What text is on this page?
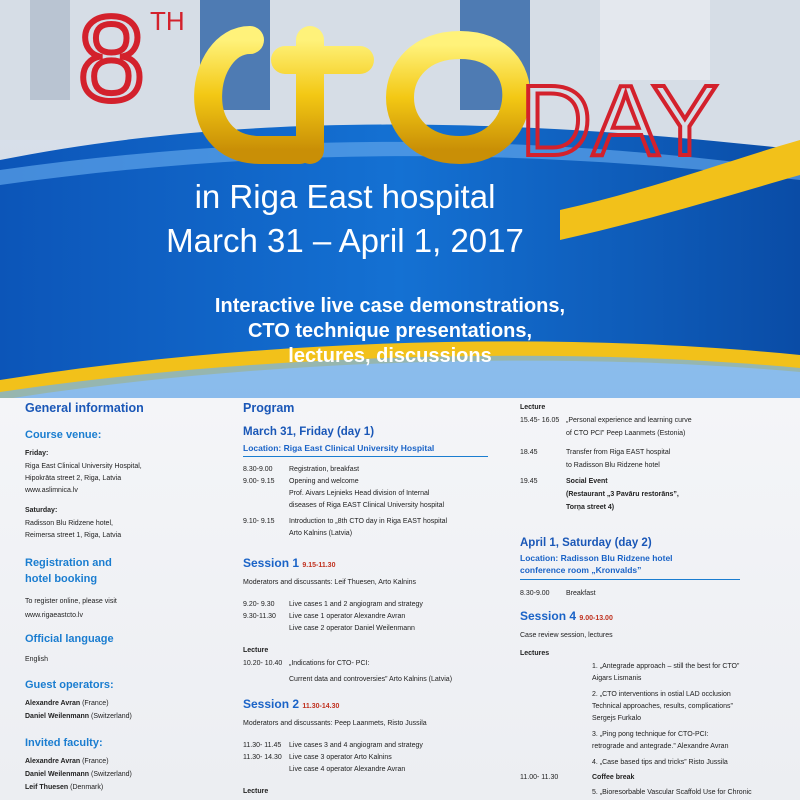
8 TH
DAY
in Riga East hospital
March 31 – April 1, 2017
Interactive live case demonstrations,
CTO technique presentations,
lectures, discussions
General information
Course venue:
Friday:
Riga East Clinical University Hospital,
Hipokrāta street 2, Riga, Latvia
www.aslimnica.lv
Saturday:
Radisson Blu Ridzene hotel,
Reimersa street 1, Riga, Latvia
Registration and
hotel booking
To register online, please visit
www.rigaeastcto.lv
Official language
English
Guest operators:
Alexandre Avran (France)
Daniel Weilenmann (Switzerland)
Invited faculty:
Alexandre Avran (France)
Daniel Weilenmann (Switzerland)
Leif Thuesen (Denmark)
Program
March 31, Friday (day 1)
Location: Riga East Clinical University Hospital
8.30-9.00	Registration, breakfast
9.00- 9.15	Opening and welcome
Prof. Aivars Lejnieks Head division of Internal
diseases of Riga EAST Clinical University hospital
9.10- 9.15	Introduction to „8th CTO day in Riga EAST hospital
Arto Kalnins (Latvia)
Session 1 9.15-11.30
Moderators and discussants: Leif Thuesen, Arto Kalnins
9.20- 9.30	Live cases 1 and 2 angiogram and strategy
9.30-11.30	Live case 1 operator Alexandre Avran
Live case 2 operator Daniel Weilenmann
Lecture
10.20- 10.40 „Indications for CTO- PCI:
Current data and controversies” Arto Kalnins (Latvia)
Session 2 11.30-14.30
Moderators and discussants: Peep Laanmets, Risto Jussila
11.30- 11.45	Live cases 3 and 4 angiogram and strategy
11.30- 14.30	Live case 3 operator Arto Kalnins
Live case 4 operator Alexandre Avran
Lecture
Lecture
15.45- 16.05 „Personal experience and learning curve
of CTO PCI” Peep Laanmets (Estonia)
18.45	Transfer from Riga EAST hospital
to Radisson Blu Ridzene hotel
19.45	Social Event
(Restaurant „3 Pavāru restorāns”,
Torņa street 4)
April 1, Saturday (day 2)
Location: Radisson Blu Ridzene hotel
conference room „Kronvalds”
8.30-9.00	Breakfast
Session 4 9.00-13.00
Case review session, lectures
Lectures
1. „Antegrade approach – still the best for CTO”
Aigars Lismanis
2. „CTO interventions in ostial LAD occlusion
Technical approaches, results, complications”
Sergejs Furkalo
3. „Ping pong technique for CTO-PCI:
retrograde and antegrade.” Alexandre Avran
4. „Case based tips and tricks” Risto Jussila
11.00- 11.30	Coffee break
5. „Bioresorbable Vascular Scaffold Use for Chronic
